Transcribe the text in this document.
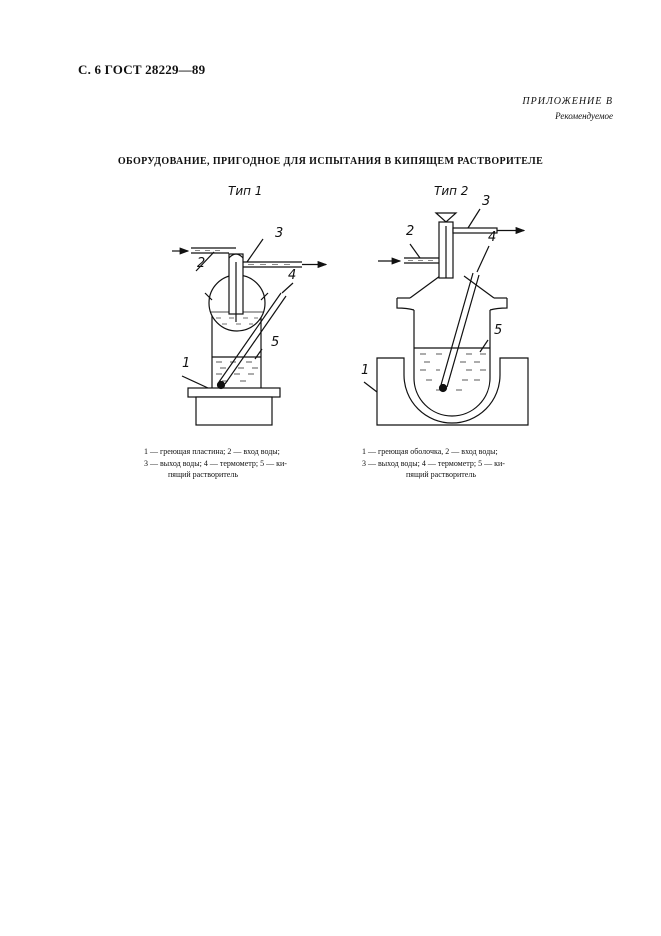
С. 6 ГОСТ 28229—89
ПРИЛОЖЕНИЕ В
Рекомендуемое
ОБОРУДОВАНИЕ, ПРИГОДНОЕ ДЛЯ ИСПЫТАНИЯ В КИПЯЩЕМ РАСТВОРИТЕЛЕ
Тип 1	Тип 2
2
3
4
5
1
2
3
4
5
1
1 — греющая пластина; 2 — вход воды;
3 — выход воды; 4 — термометр; 5 — ки-
пящий растворитель
1 — греющая оболочка, 2 — вход воды;
3 — выход воды; 4 — термометр; 5 — ки-
пящий растворитель
